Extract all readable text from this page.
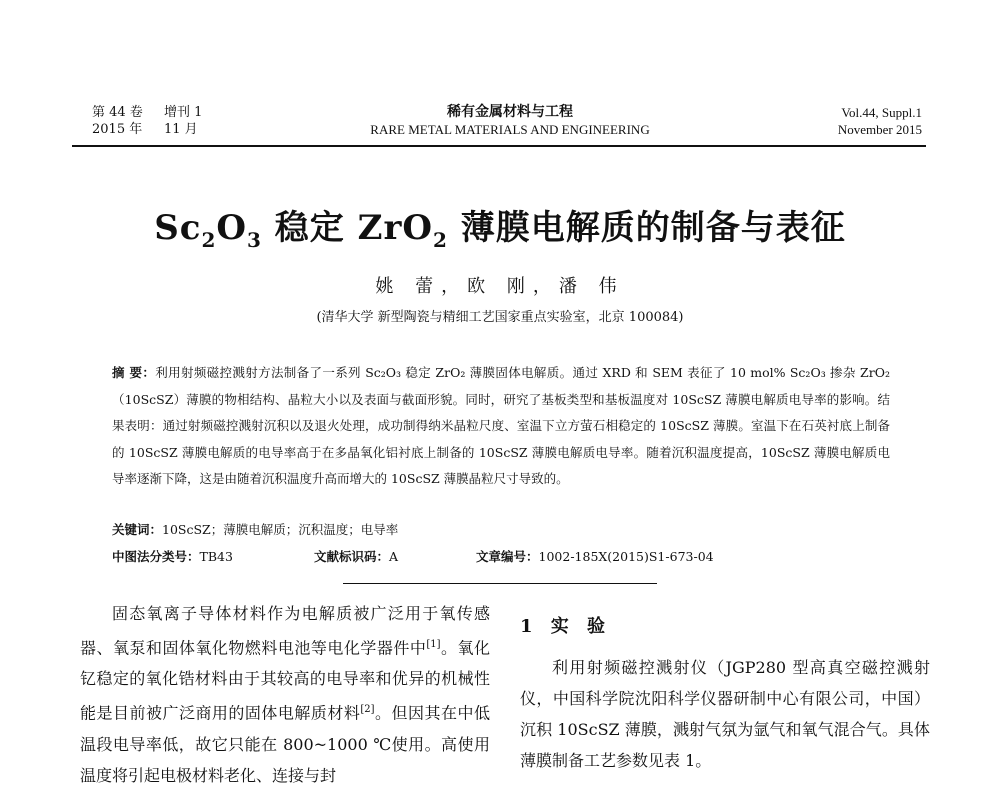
第 44 卷 增刊 1
2015 年 11 月
稀有金属材料与工程
RARE METAL MATERIALS AND ENGINEERING
Vol.44, Suppl.1
November 2015
$Sc_2O_3$ 稳定 ZrO$_2$ 薄膜电解质的制备与表征
姚 蕾，欧 刚，潘 伟
(清华大学 新型陶瓷与精细工艺国家重点实验室，北京 100084)
摘 要：利用射频磁控溅射方法制备了一系列 Sc₂O₃ 稳定 ZrO₂ 薄膜固体电解质。通过 XRD 和 SEM 表征了 10 mol% Sc₂O₃ 掺杂 ZrO₂（10ScSZ）薄膜的物相结构、晶粒大小以及表面与截面形貌。同时，研究了基板类型和基板温度对 10ScSZ 薄膜电解质电导率的影响。结果表明：通过射频磁控溅射沉积以及退火处理，成功制得纳米晶粒尺度、室温下立方萤石相稳定的 10ScSZ 薄膜。室温下在石英衬底上制备的 10ScSZ 薄膜电解质的电导率高于在多晶氧化铝衬底上制备的 10ScSZ 薄膜电解质电导率。随着沉积温度提高，10ScSZ 薄膜电解质电导率逐渐下降，这是由随着沉积温度升高而增大的 10ScSZ 薄膜晶粒尺寸导致的。
关键词：10ScSZ；薄膜电解质；沉积温度；电导率
中图法分类号：TB43	文献标识码：A	文章编号：1002-185X(2015)S1-673-04
固态氧离子导体材料作为电解质被广泛用于氧传感器、氧泵和固体氧化物燃料电池等电化学器件中[1]。氧化钇稳定的氧化锆材料由于其较高的电导率和优异的机械性能是目前被广泛商用的固体电解质材料[2]。但因其在中低温段电导率低，故它只能在 800~1000 ℃使用。高使用温度将引起电极材料老化、连接与封
1 实 验
利用射频磁控溅射仪（JGP280 型高真空磁控溅射仪，中国科学院沈阳科学仪器研制中心有限公司，中国）沉积 10ScSZ 薄膜，溅射气氛为氩气和氧气混合气。具体薄膜制备工艺参数见表 1。
